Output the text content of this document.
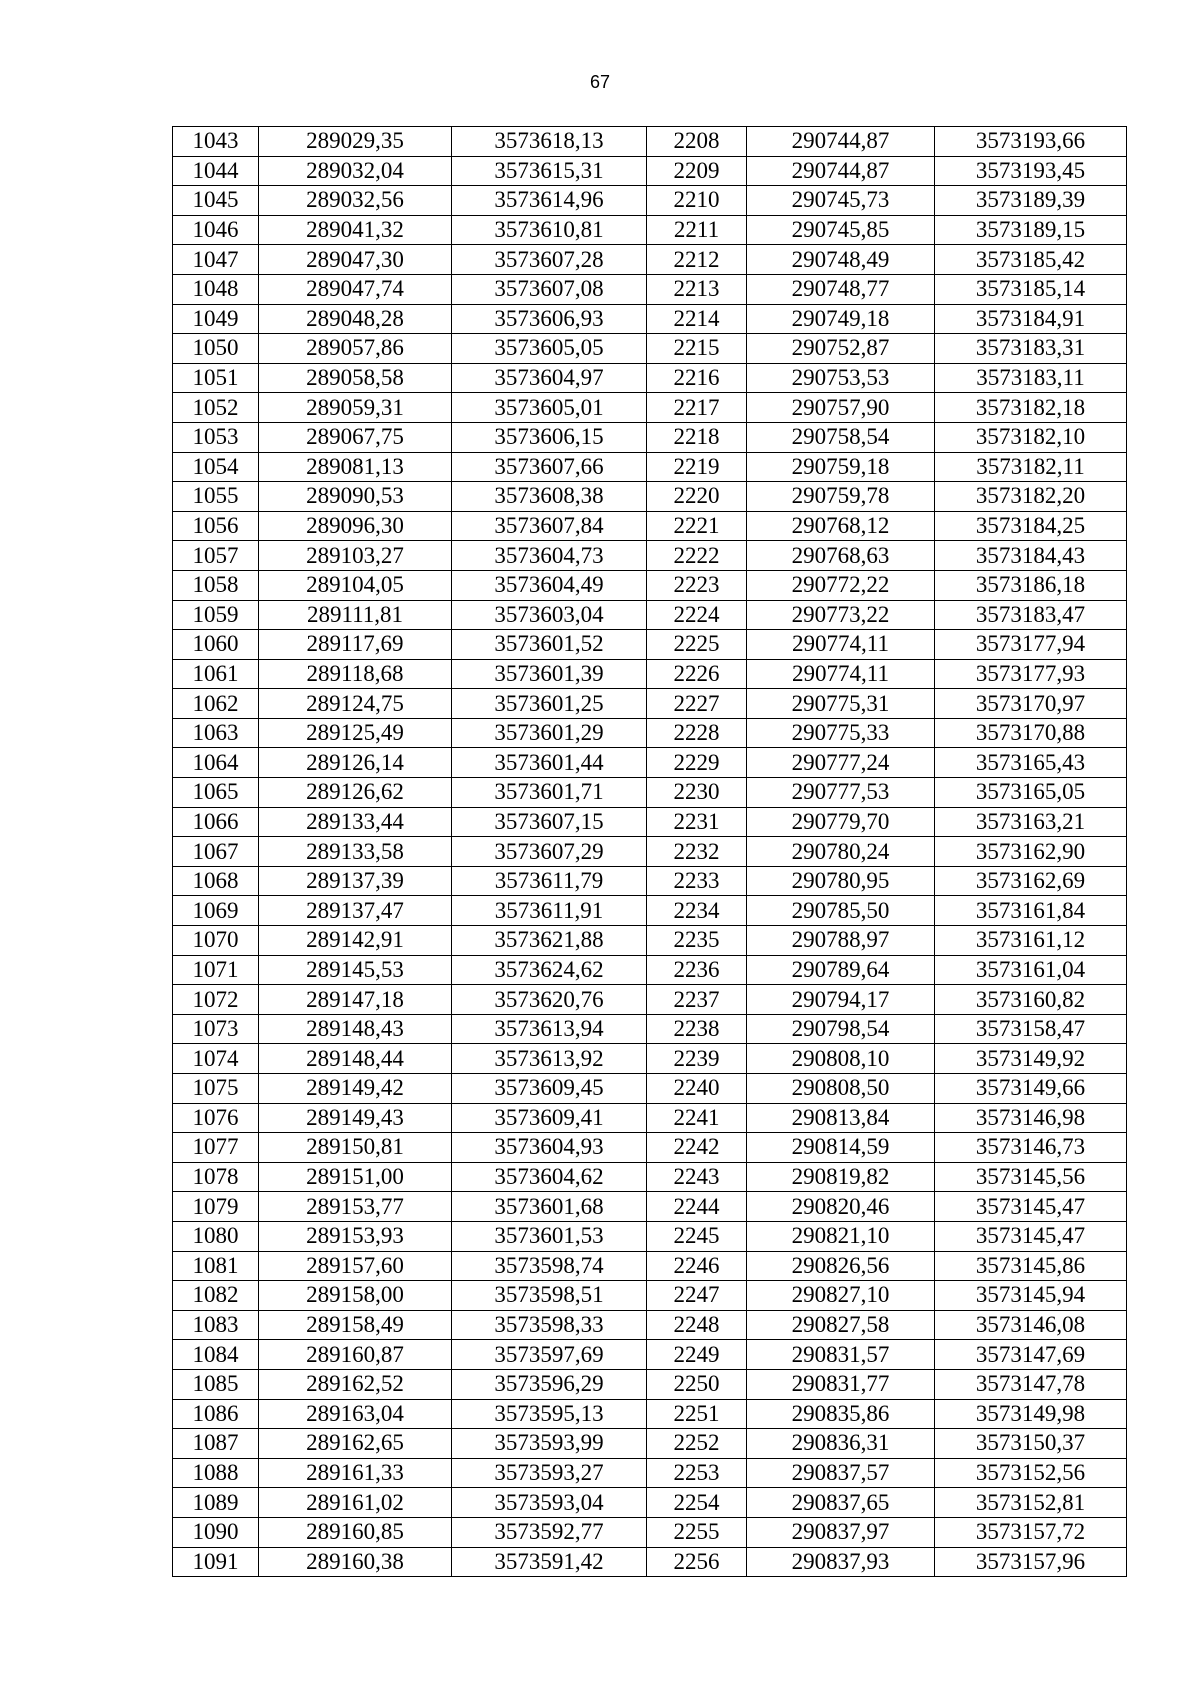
67
1043	289029,35	3573618,13	2208	290744,87	3573193,66
1044	289032,04	3573615,31	2209	290744,87	3573193,45
1045	289032,56	3573614,96	2210	290745,73	3573189,39
1046	289041,32	3573610,81	2211	290745,85	3573189,15
1047	289047,30	3573607,28	2212	290748,49	3573185,42
1048	289047,74	3573607,08	2213	290748,77	3573185,14
1049	289048,28	3573606,93	2214	290749,18	3573184,91
1050	289057,86	3573605,05	2215	290752,87	3573183,31
1051	289058,58	3573604,97	2216	290753,53	3573183,11
1052	289059,31	3573605,01	2217	290757,90	3573182,18
1053	289067,75	3573606,15	2218	290758,54	3573182,10
1054	289081,13	3573607,66	2219	290759,18	3573182,11
1055	289090,53	3573608,38	2220	290759,78	3573182,20
1056	289096,30	3573607,84	2221	290768,12	3573184,25
1057	289103,27	3573604,73	2222	290768,63	3573184,43
1058	289104,05	3573604,49	2223	290772,22	3573186,18
1059	289111,81	3573603,04	2224	290773,22	3573183,47
1060	289117,69	3573601,52	2225	290774,11	3573177,94
1061	289118,68	3573601,39	2226	290774,11	3573177,93
1062	289124,75	3573601,25	2227	290775,31	3573170,97
1063	289125,49	3573601,29	2228	290775,33	3573170,88
1064	289126,14	3573601,44	2229	290777,24	3573165,43
1065	289126,62	3573601,71	2230	290777,53	3573165,05
1066	289133,44	3573607,15	2231	290779,70	3573163,21
1067	289133,58	3573607,29	2232	290780,24	3573162,90
1068	289137,39	3573611,79	2233	290780,95	3573162,69
1069	289137,47	3573611,91	2234	290785,50	3573161,84
1070	289142,91	3573621,88	2235	290788,97	3573161,12
1071	289145,53	3573624,62	2236	290789,64	3573161,04
1072	289147,18	3573620,76	2237	290794,17	3573160,82
1073	289148,43	3573613,94	2238	290798,54	3573158,47
1074	289148,44	3573613,92	2239	290808,10	3573149,92
1075	289149,42	3573609,45	2240	290808,50	3573149,66
1076	289149,43	3573609,41	2241	290813,84	3573146,98
1077	289150,81	3573604,93	2242	290814,59	3573146,73
1078	289151,00	3573604,62	2243	290819,82	3573145,56
1079	289153,77	3573601,68	2244	290820,46	3573145,47
1080	289153,93	3573601,53	2245	290821,10	3573145,47
1081	289157,60	3573598,74	2246	290826,56	3573145,86
1082	289158,00	3573598,51	2247	290827,10	3573145,94
1083	289158,49	3573598,33	2248	290827,58	3573146,08
1084	289160,87	3573597,69	2249	290831,57	3573147,69
1085	289162,52	3573596,29	2250	290831,77	3573147,78
1086	289163,04	3573595,13	2251	290835,86	3573149,98
1087	289162,65	3573593,99	2252	290836,31	3573150,37
1088	289161,33	3573593,27	2253	290837,57	3573152,56
1089	289161,02	3573593,04	2254	290837,65	3573152,81
1090	289160,85	3573592,77	2255	290837,97	3573157,72
1091	289160,38	3573591,42	2256	290837,93	3573157,96
